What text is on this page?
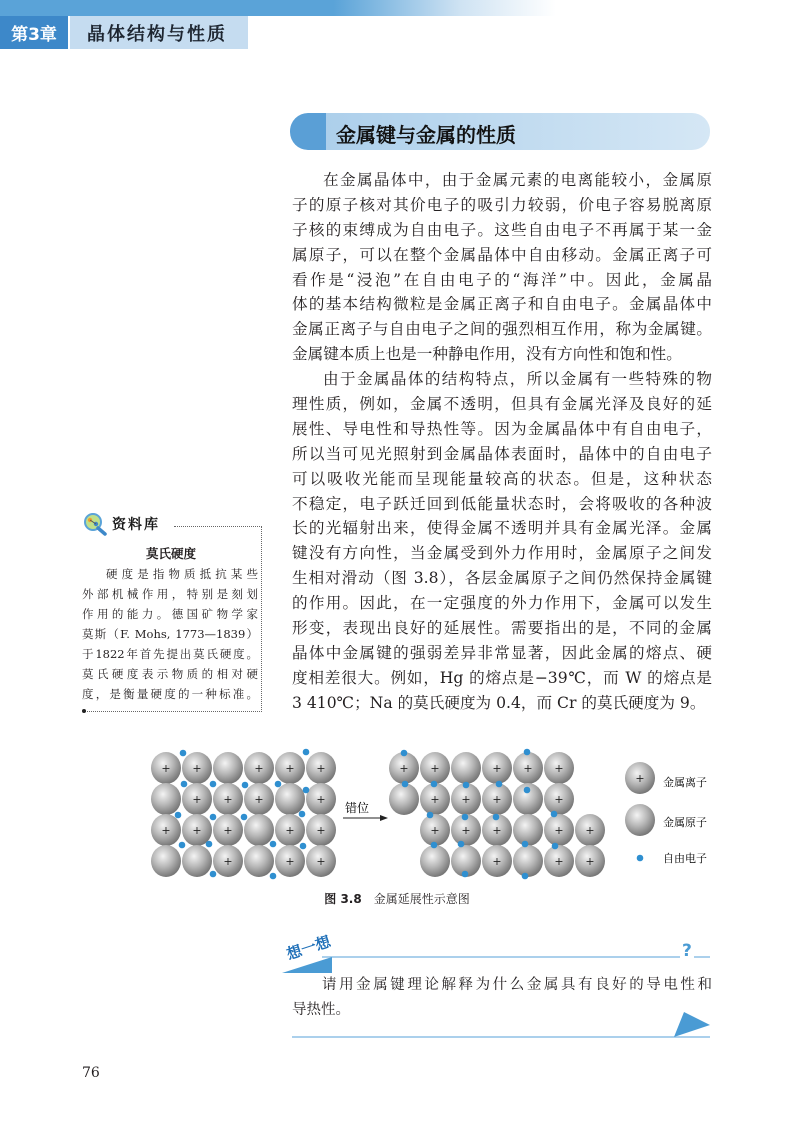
第3章	晶体结构与性质
金属键与金属的性质
在金属晶体中，由于金属元素的电离能较小，金属原
子的原子核对其价电子的吸引力较弱，价电子容易脱离原
子核的束缚成为自由电子。这些自由电子不再属于某一金
属原子，可以在整个金属晶体中自由移动。金属正离子可
看作是“浸泡”在自由电子的“海洋”中。因此，金属晶
体的基本结构微粒是金属正离子和自由电子。金属晶体中
金属正离子与自由电子之间的强烈相互作用，称为金属键。
金属键本质上也是一种静电作用，没有方向性和饱和性。
由于金属晶体的结构特点，所以金属有一些特殊的物
理性质，例如，金属不透明，但具有金属光泽及良好的延
展性、导电性和导热性等。因为金属晶体中有自由电子，
所以当可见光照射到金属晶体表面时，晶体中的自由电子
可以吸收光能而呈现能量较高的状态。但是，这种状态
不稳定，电子跃迁回到低能量状态时，会将吸收的各种波
长的光辐射出来，使得金属不透明并具有金属光泽。金属
键没有方向性，当金属受到外力作用时，金属原子之间发
生相对滑动（图 3.8），各层金属原子之间仍然保持金属键
的作用。因此，在一定强度的外力作用下，金属可以发生
形变，表现出良好的延展性。需要指出的是，不同的金属
晶体中金属键的强弱差异非常显著，因此金属的熔点、硬
度相差很大。例如，Hg 的熔点是−39℃，而 W 的熔点是
3 410℃；Na 的莫氏硬度为 0.4，而 Cr 的莫氏硬度为 9。
资料库
莫氏硬度
硬度是指物质抵抗某些
外部机械作用，特别是刻划
作用的能力。德国矿物学家
莫斯（F. Mohs, 1773—1839）
于1822年首先提出莫氏硬度。
莫氏硬度表示物质的相对硬
度，是衡量硬度的一种标准。
+	+
+	+
+	+
+	+
+	+
+	+
+	+
+	+
+	+
+	+
+	+
+	+
+	+
+	+
+	+
+	+
+	+
+
错位
金属离子
金属原子
自由电子
图 3.8 金属延展性示意图
想一想	?
请用金属键理论解释为什么金属具有良好的导电性和
导热性。
76
